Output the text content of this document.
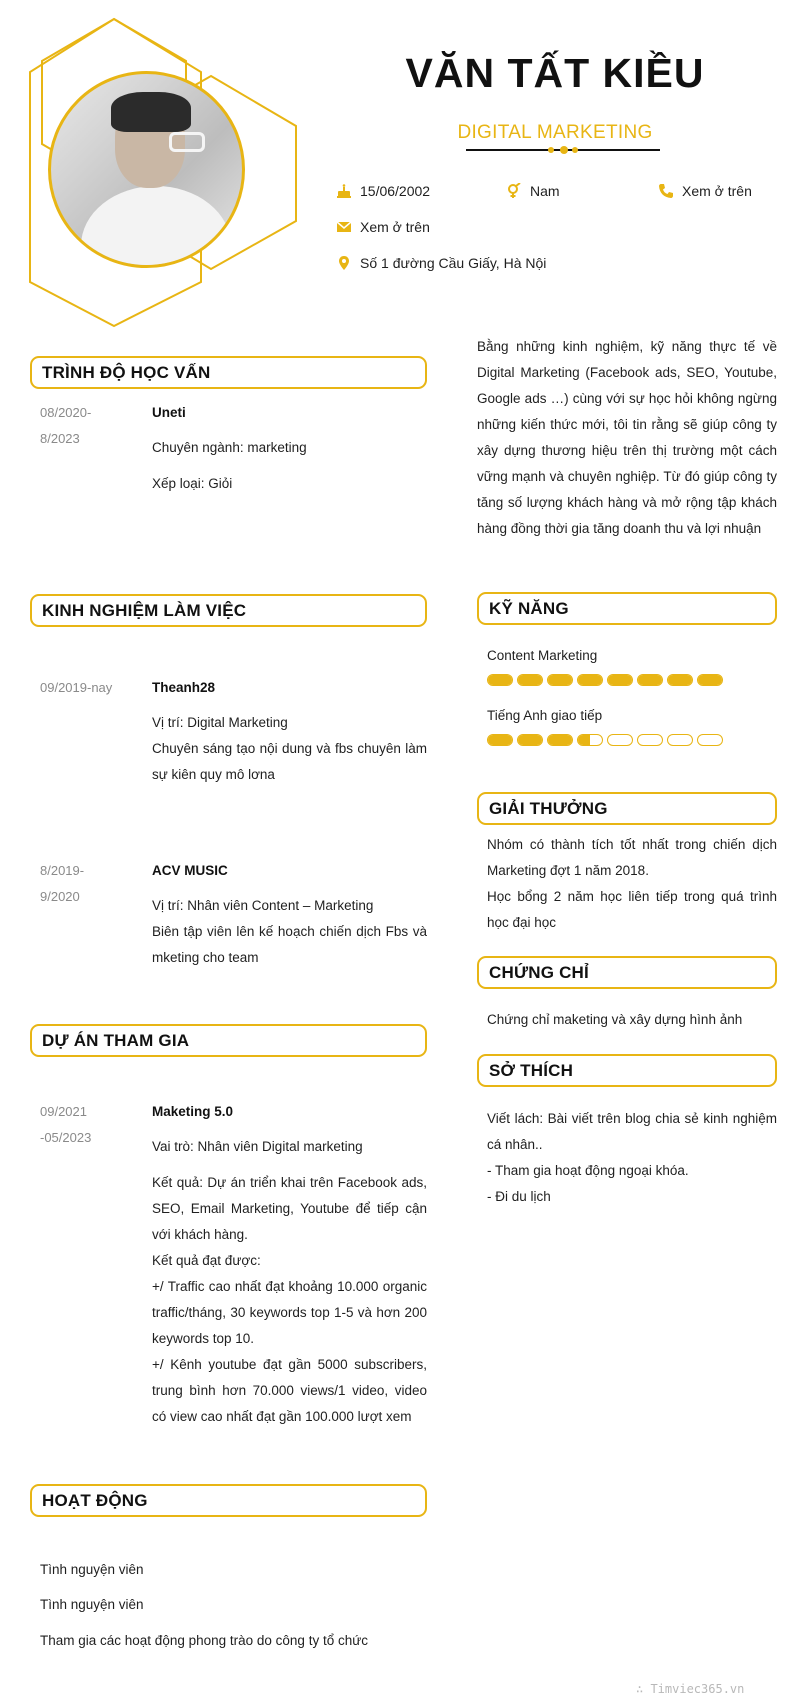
VĂN TẤT KIỀU
DIGITAL MARKETING
15/06/2002	Nam	Xem ở trên
Xem ở trên
Số 1 đường Cầu Giấy, Hà Nội
TRÌNH ĐỘ HỌC VẤN
08/2020-
8/2023

Uneti

Chuyên ngành: marketing

Xếp loại: Giỏi

KINH NGHIỆM LÀM VIỆC
09/2019-nay	Theanh28

Vị trí: Digital Marketing

Chuyên sáng tạo nội dung và fbs chuyên làm sự kiên quy mô lơna

8/2019-
9/2020

ACV MUSIC

Vị trí: Nhân viên Content – Marketing

Biên tập viên lên kế hoạch chiến dịch Fbs và mketing cho team

DỰ ÁN THAM GIA
09/2021
-05/2023

Maketing 5.0

Vai trò: Nhân viên Digital marketing

Kết quả: Dự án triển khai trên Facebook ads, SEO, Email Marketing, Youtube để tiếp cận với khách hàng.

Kết quả đạt được:

+/ Traffic cao nhất đạt khoảng 10.000 organic traffic/tháng, 30 keywords top 1-5 và hơn 200 keywords top 10.

+/ Kênh youtube đạt gần 5000 subscribers, trung bình hơn 70.000 views/1 video, video có view cao nhất đạt gần 100.000 lượt xem

HOẠT ĐỘNG
Tình nguyện viên
Tình nguyện viên
Tham gia các hoạt động phong trào do công ty tổ chức
Bằng những kinh nghiệm, kỹ năng thực tế về Digital Marketing (Facebook ads, SEO, Youtube, Google ads …) cùng với sự học hỏi không ngừng những kiến thức mới, tôi tin rằng sẽ giúp công ty xây dựng thương hiệu trên thị trường một cách vững mạnh và chuyên nghiệp. Từ đó giúp công ty tăng số lượng khách hàng và mở rộng tập khách hàng đồng thời gia tăng doanh thu và lợi nhuận
KỸ NĂNG
Content Marketing
Tiếng Anh giao tiếp
GIẢI THƯỞNG
Nhóm có thành tích tốt nhất trong chiến dịch Marketing đợt 1 năm 2018.
Học bổng 2 năm học liên tiếp trong quá trình học đại học
CHỨNG CHỈ
Chứng chỉ maketing và xây dựng hình ảnh
SỞ THÍCH
Viết lách: Bài viết trên blog chia sẻ kinh nghiệm cá nhân..
- Tham gia hoạt động ngoại khóa.
- Đi du lịch
∴ Timviec365.vn
